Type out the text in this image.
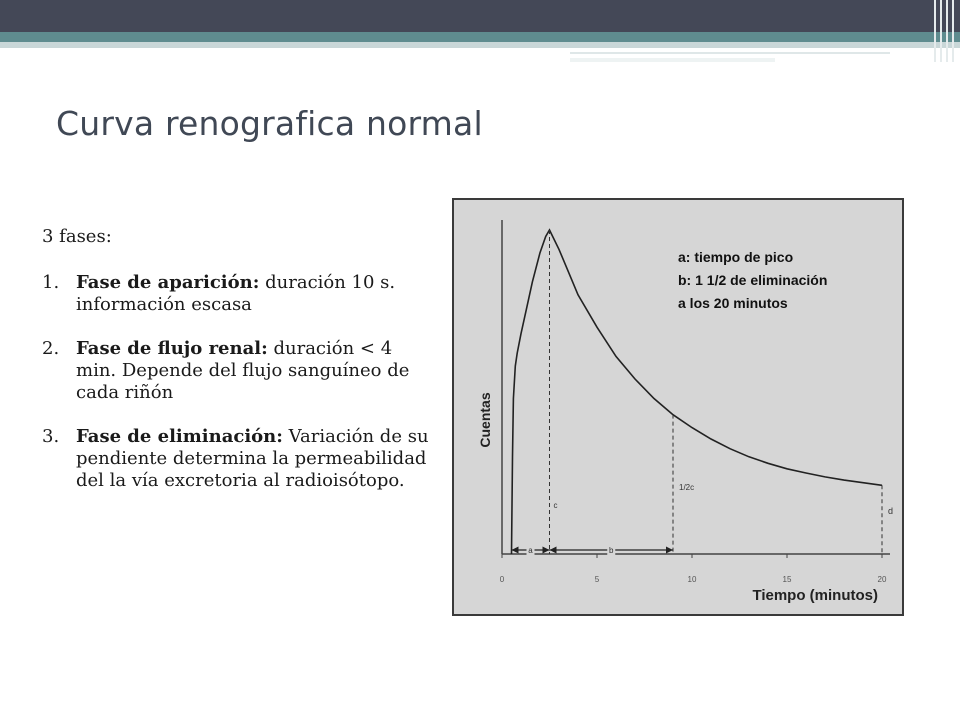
Curva renografica normal

3 fases:

1. Fase de aparición: duración 10 s. información escasa
2. Fase de flujo renal: duración < 4 min. Depende del flujo sanguíneo de cada riñón
3. Fase de eliminación: Variación de su pendiente determina la permeabilidad del la vía excretoria al radioisótopo.
0	5	10	15	20
Tiempo (minutos)
Cuentas
c
1/2c
d
a	b
a: tiempo de pico
b: 1 1/2 de eliminación
a los 20 minutos
